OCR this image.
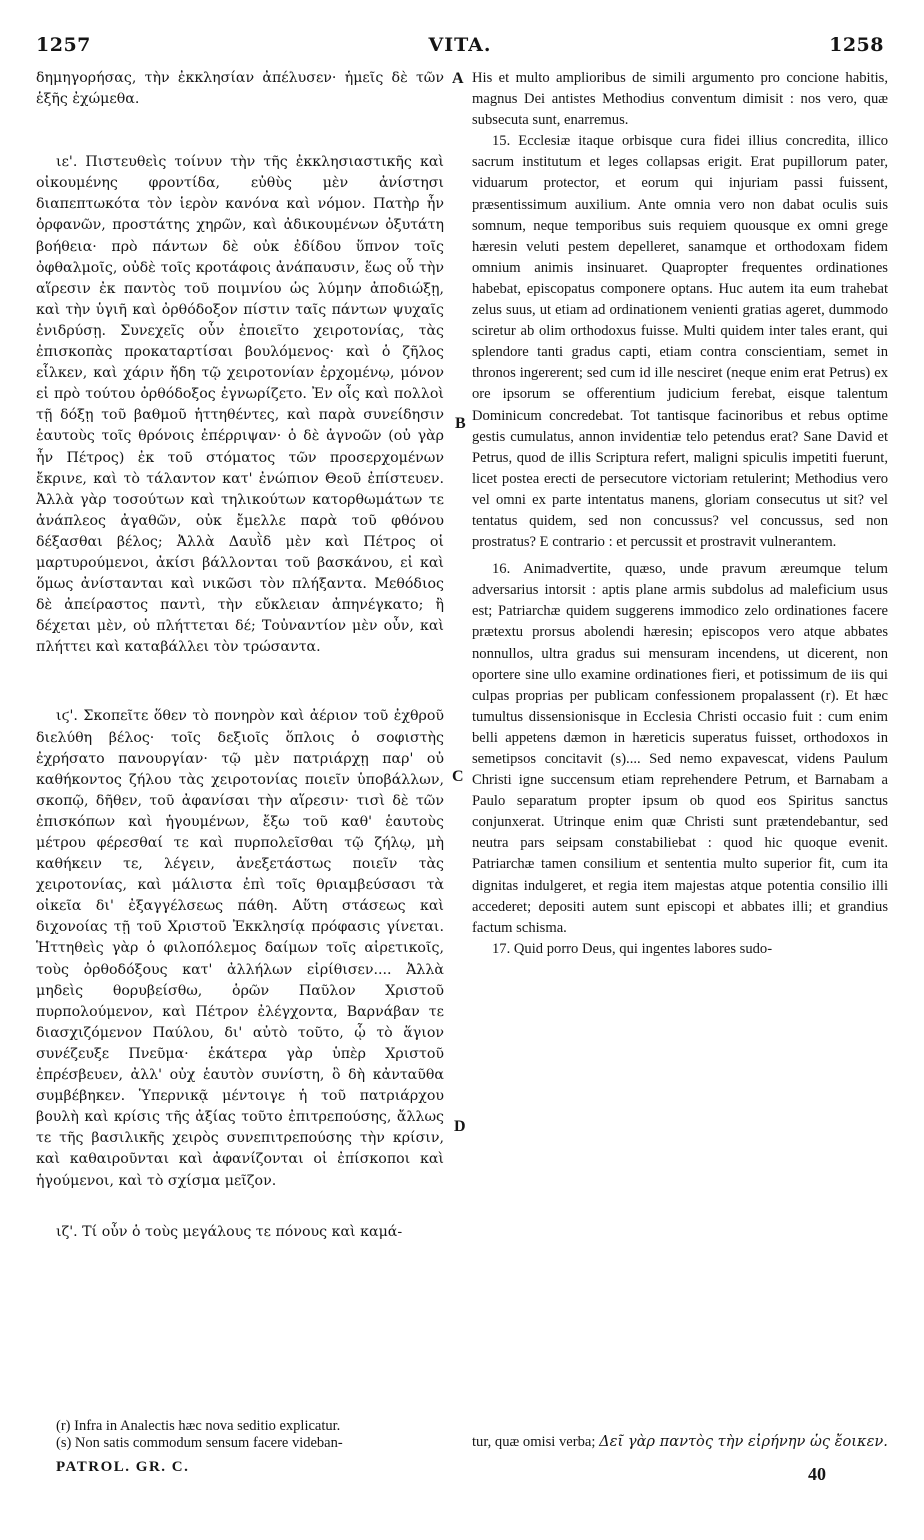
1257	VITA.	1258
A
B
C
D

δημηγορήσας, τὴν ἐκκλησίαν ἀπέλυσεν· ἡμεῖς δὲ τῶν ἑξῆς ἐχώμεθα.

ιε'. Πιστευθεὶς τοίνυν τὴν τῆς ἐκκλησιαστικῆς καὶ οἰκουμένης φροντίδα, εὐθὺς μὲν ἀνίστησι διαπεπτωκότα τὸν ἱερὸν κανόνα καὶ νόμον. Πατὴρ ἦν ὀρφανῶν, προστάτης χηρῶν, καὶ ἀδικουμένων ὀξυτάτη βοήθεια· πρὸ πάντων δὲ οὐκ ἐδίδου ὕπνον τοῖς ὀφθαλμοῖς, οὐδὲ τοῖς κροτάφοις ἀνάπαυσιν, ἕως οὗ τὴν αἵρεσιν ἐκ παντὸς τοῦ ποιμνίου ὡς λύμην ἀποδιώξῃ, καὶ τὴν ὑγιῆ καὶ ὀρθόδοξον πίστιν ταῖς πάντων ψυχαῖς ἐνιδρύσῃ. Συνεχεῖς οὖν ἐποιεῖτο χειροτονίας, τὰς ἐπισκοπὰς προκαταρτίσαι βουλόμενος· καὶ ὁ ζῆλος εἷλκεν, καὶ χάριν ἤδη τῷ χειροτονίαν ἐρχομένῳ, μόνον εἰ πρὸ τούτου ὀρθόδοξος ἐγνωρίζετο. Ἐν οἷς καὶ πολλοὶ τῇ δόξῃ τοῦ βαθμοῦ ἡττηθέντες, καὶ παρὰ συνείδησιν ἑαυτοὺς τοῖς θρόνοις ἐπέρριψαν· ὁ δὲ ἀγνοῶν (οὐ γὰρ ἦν Πέτρος) ἐκ τοῦ στόματος τῶν προσερχομένων ἔκρινε, καὶ τὸ τάλαντον κατ' ἐνώπιον Θεοῦ ἐπίστευεν. Ἀλλὰ γὰρ τοσούτων καὶ τηλικούτων κατορθωμάτων τε ἀνάπλεος ἀγαθῶν, οὐκ ἔμελλε παρὰ τοῦ φθόνου δέξασθαι βέλος; Ἀλλὰ Δαυῒδ μὲν καὶ Πέτρος οἱ μαρτυρούμενοι, ἀκίσι βάλλονται τοῦ βασκάνου, εἰ καὶ ὅμως ἀνίστανται καὶ νικῶσι τὸν πλήξαντα. Μεθόδιος δὲ ἀπείραστος παντὶ, τὴν εὔκλειαν ἀπηνέγκατο; ἢ δέχεται μὲν, οὐ πλήττεται δέ; Τοὐναντίον μὲν οὖν, καὶ πλήττει καὶ καταβάλλει τὸν τρώσαντα.

ιϛ'. Σκοπεῖτε ὅθεν τὸ πονηρὸν καὶ ἀέριον τοῦ ἐχθροῦ διελύθη βέλος· τοῖς δεξιοῖς ὅπλοις ὁ σοφιστὴς ἐχρήσατο πανουργίαν· τῷ μὲν πατριάρχῃ παρ' οὐ καθήκοντος ζήλου τὰς χειροτονίας ποιεῖν ὑποβάλλων, σκοπῷ, δῆθεν, τοῦ ἀφανίσαι τὴν αἵρεσιν· τισὶ δὲ τῶν ἐπισκόπων καὶ ἡγουμένων, ἔξω τοῦ καθ' ἑαυτοὺς μέτρου φέρεσθαί τε καὶ πυρπολεῖσθαι τῷ ζήλῳ, μὴ καθήκειν τε, λέγειν, ἀνεξετάστως ποιεῖν τὰς χειροτονίας, καὶ μάλιστα ἐπὶ τοῖς θριαμβεύσασι τὰ οἰκεῖα δι' ἐξαγγέλσεως πάθη. Αὕτη στάσεως καὶ διχονοίας τῇ τοῦ Χριστοῦ Ἐκκλησίᾳ πρόφασις γίνεται. Ἡττηθεὶς γὰρ ὁ φιλοπόλεμος δαίμων τοῖς αἱρετικοῖς, τοὺς ὀρθοδόξους κατ' ἀλλήλων εἰρίθισεν.... Ἀλλὰ μηδεὶς θορυβείσθω, ὁρῶν Παῦλον Χριστοῦ πυρπολούμενον, καὶ Πέτρον ἐλέγχοντα, Βαρνάβαν τε διασχιζόμενον Παύλου, δι' αὐτὸ τοῦτο, ᾧ τὸ ἅγιον συνέζευξε Πνεῦμα· ἑκάτερα γὰρ ὑπὲρ Χριστοῦ ἐπρέσβευεν, ἀλλ' οὐχ ἑαυτὸν συνίστη, ὃ δὴ κἀνταῦθα συμβέβηκεν. Ὑπερνικᾷ μέντοιγε ἡ τοῦ πατριάρχου βουλὴ καὶ κρίσις τῆς ἀξίας τοῦτο ἐπιτρεπούσης, ἄλλως τε τῆς βασιλικῆς χειρὸς συνεπιτρεπούσης τὴν κρίσιν, καὶ καθαιροῦνται καὶ ἀφανίζονται οἱ ἐπίσκοποι καὶ ἡγούμενοι, καὶ τὸ σχίσμα μεῖζον.

ιζ'. Τί οὖν ὁ τοὺς μεγάλους τε πόνους καὶ καμά-

His et multo amplioribus de simili argumento pro concione habitis, magnus Dei antistes Methodius conventum dimisit : nos vero, quæ subsecuta sunt, enarremus.

15. Ecclesiæ itaque orbisque cura fidei illius concredita, illico sacrum institutum et leges collapsas erigit. Erat pupillorum pater, viduarum protector, et eorum qui injuriam passi fuissent, præsentissimum auxilium. Ante omnia vero non dabat oculis suis somnum, neque temporibus suis requiem quousque ex omni grege hæresin veluti pestem depelleret, sanamque et orthodoxam fidem omnium animis insinuaret. Quapropter frequentes ordinationes habebat, episcopatus componere optans. Huc autem ita eum trahebat zelus suus, ut etiam ad ordinationem venienti gratias ageret, dummodo sciretur ab olim orthodoxus fuisse. Multi quidem inter tales erant, qui splendore tanti gradus capti, etiam contra conscientiam, semet in thronos ingererent; sed cum id ille nesciret (neque enim erat Petrus) ex ore ipsorum se offerentium judicium ferebat, eisque talentum Dominicum concredebat. Tot tantisque facinoribus et rebus optime gestis cumulatus, annon invidentiæ telo petendus erat? Sane David et Petrus, quod de illis Scriptura refert, maligni spiculis impetiti fuerunt, licet postea erecti de persecutore victoriam retulerint; Methodius vero vel omni ex parte intentatus manens, gloriam consecutus ut sit? vel tentatus quidem, sed non concussus? vel concussus, sed non prostratus? E contrario : et percussit et prostravit vulnerantem.

16. Animadvertite, quæso, unde pravum æreumque telum adversarius intorsit : aptis plane armis subdolus ad maleficium usus est; Patriarchæ quidem suggerens immodico zelo ordinationes facere prætextu prorsus abolendi hæresin; episcopos vero atque abbates nonnullos, ultra gradus sui mensuram incendens, ut dicerent, non oportere sine ullo examine ordinationes fieri, et potissimum de iis qui culpas proprias per publicam confessionem propalassent (r). Et hæc tumultus dissensionisque in Ecclesia Christi occasio fuit : cum enim belli appetens dæmon in hæreticis superatus fuisset, orthodoxos in semetipsos concitavit (s).... Sed nemo expavescat, videns Paulum Christi igne succensum etiam reprehendere Petrum, et Barnabam a Paulo separatum propter ipsum ob quod eos Spiritus sanctus conjunxerat. Utrinque enim quæ Christi sunt prætendebantur, sed neutra pars seipsam constabiliebat : quod hic quoque evenit. Patriarchæ tamen consilium et sententia multo superior fit, cum ita dignitas indulgeret, et regia item majestas atque potentia consilio illi accederet; depositi autem sunt episcopi et abbates illi; et grandius factum schisma.

17. Quid porro Deus, qui ingentes labores sudo-

tur, quæ omisi verba; Δεῖ γὰρ παντὸς τὴν εἰρήνην ὡς ἔοικεν.

(r) Infra in Analectis hæc nova seditio explicatur.

(s) Non satis commodum sensum facere videban-

PATROL. GR. C.	40
